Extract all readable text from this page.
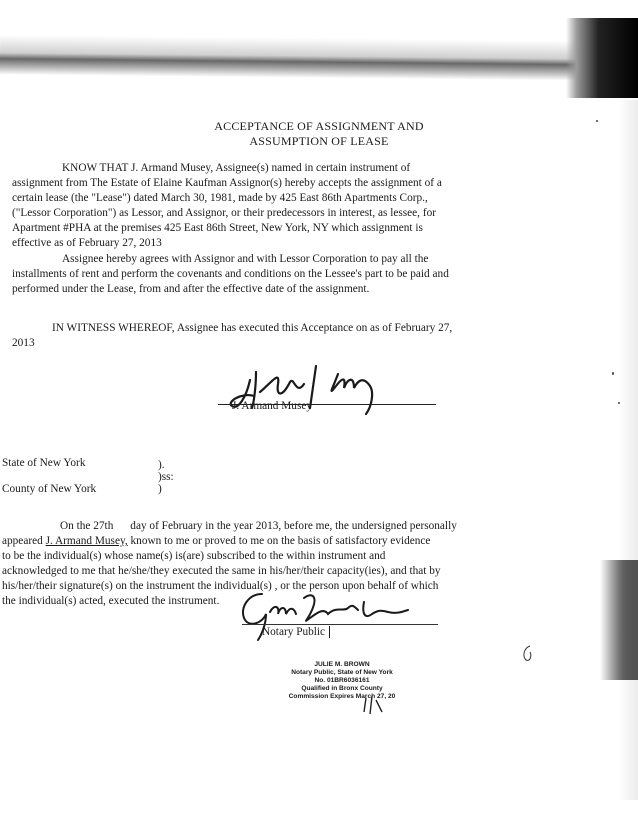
ACCEPTANCE OF ASSIGNMENT AND
ASSUMPTION OF LEASE
KNOW THAT J. Armand Musey, Assignee(s) named in certain instrument of
assignment from The Estate of Elaine Kaufman Assignor(s) hereby accepts the assignment of a
certain lease (the "Lease") dated March 30, 1981, made by 425 East 86th Apartments Corp.,
("Lessor Corporation") as Lessor, and Assignor, or their predecessors in interest, as lessee, for
Apartment #PHA at the premises 425 East 86th Street, New York, NY which assignment is
effective as of February 27, 2013
Assignee hereby agrees with Assignor and with Lessor Corporation to pay all the
installments of rent and perform the covenants and conditions on the Lessee's part to be paid and
performed under the Lease, from and after the effective date of the assignment.
IN WITNESS WHEREOF, Assignee has executed this Acceptance on as of February 27,
2013
J. Armand Musey
State of New York
County of New York
).
)ss:
)
On the 27th day of February in the year 2013, before me, the undersigned personally
appeared J. Armand Musey, known to me or proved to me on the basis of satisfactory evidence
to be the individual(s) whose name(s) is(are) subscribed to the within instrument and
acknowledged to me that he/she/they executed the same in his/her/their capacity(ies), and that by
his/her/their signature(s) on the instrument the individual(s) , or the person upon behalf of which
the individual(s) acted, executed the instrument.
Notary Public
JULIE M. BROWN
Notary Public, State of New York
No. 01BR6036161
Qualified in Bronx County
Commission Expires March 27, 20
